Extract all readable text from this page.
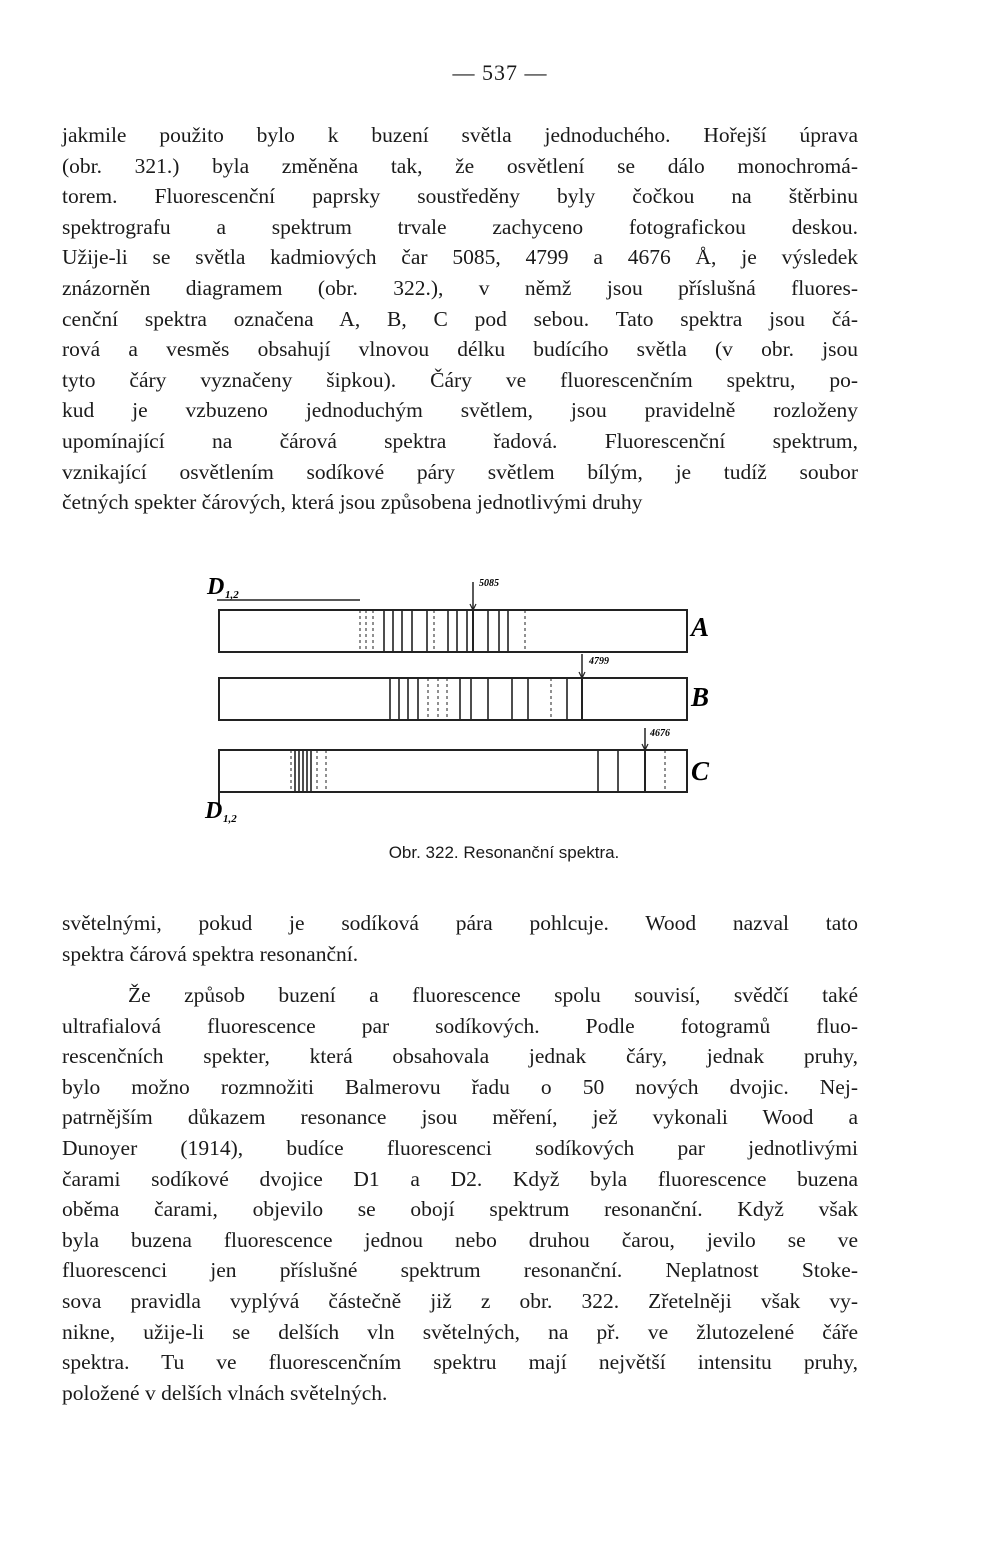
— 537 —
jakmile použito bylo k buzení světla jednoduchého. Hořejší úprava
(obr. 321.) byla změněna tak, že osvětlení se dálo monochromá-
torem. Fluorescenční paprsky soustředěny byly čočkou na štěrbinu
spektrografu a spektrum trvale zachyceno fotografickou deskou.
Užije-li se světla kadmiových čar 5085, 4799 a 4676 Å, je výsledek
znázorněn diagramem (obr. 322.), v němž jsou příslušná fluores-
cenční spektra označena A, B, C pod sebou. Tato spektra jsou čá-
rová a vesměs obsahují vlnovou délku budícího světla (v obr. jsou
tyto čáry vyznačeny šipkou). Čáry ve fluorescenčním spektru, po-
kud je vzbuzeno jednoduchým světlem, jsou pravidelně rozloženy
upomínající na čárová spektra řadová. Fluorescenční spektrum,
vznikající osvětlením sodíkové páry světlem bílým, je tudíž soubor
četných spekter čárových, která jsou způsobena jednotlivými druhy
D 1,2
5085
A
4799
B
4676
C
D 1,2
Obr. 322. Resonanční spektra.
světelnými, pokud je sodíková pára pohlcuje. Wood nazval tato
spektra čárová spektra resonanční.
Že způsob buzení a fluorescence spolu souvisí, svědčí také
ultrafialová fluorescence par sodíkových. Podle fotogramů fluo-
rescenčních spekter, která obsahovala jednak čáry, jednak pruhy,
bylo možno rozmnožiti Balmerovu řadu o 50 nových dvojic. Nej-
patrnějším důkazem resonance jsou měření, jež vykonali Wood a
Dunoyer (1914), budíce fluorescenci sodíkových par jednotlivými
čarami sodíkové dvojice D1 a D2. Když byla fluorescence buzena
oběma čarami, objevilo se obojí spektrum resonanční. Když však
byla buzena fluorescence jednou nebo druhou čarou, jevilo se ve
fluorescenci jen příslušné spektrum resonanční. Neplatnost Stoke-
sova pravidla vyplývá částečně již z obr. 322. Zřetelněji však vy-
nikne, užije-li se delších vln světelných, na př. ve žlutozelené čáře
spektra. Tu ve fluorescenčním spektru mají největší intensitu pruhy,
položené v delších vlnách světelných.
